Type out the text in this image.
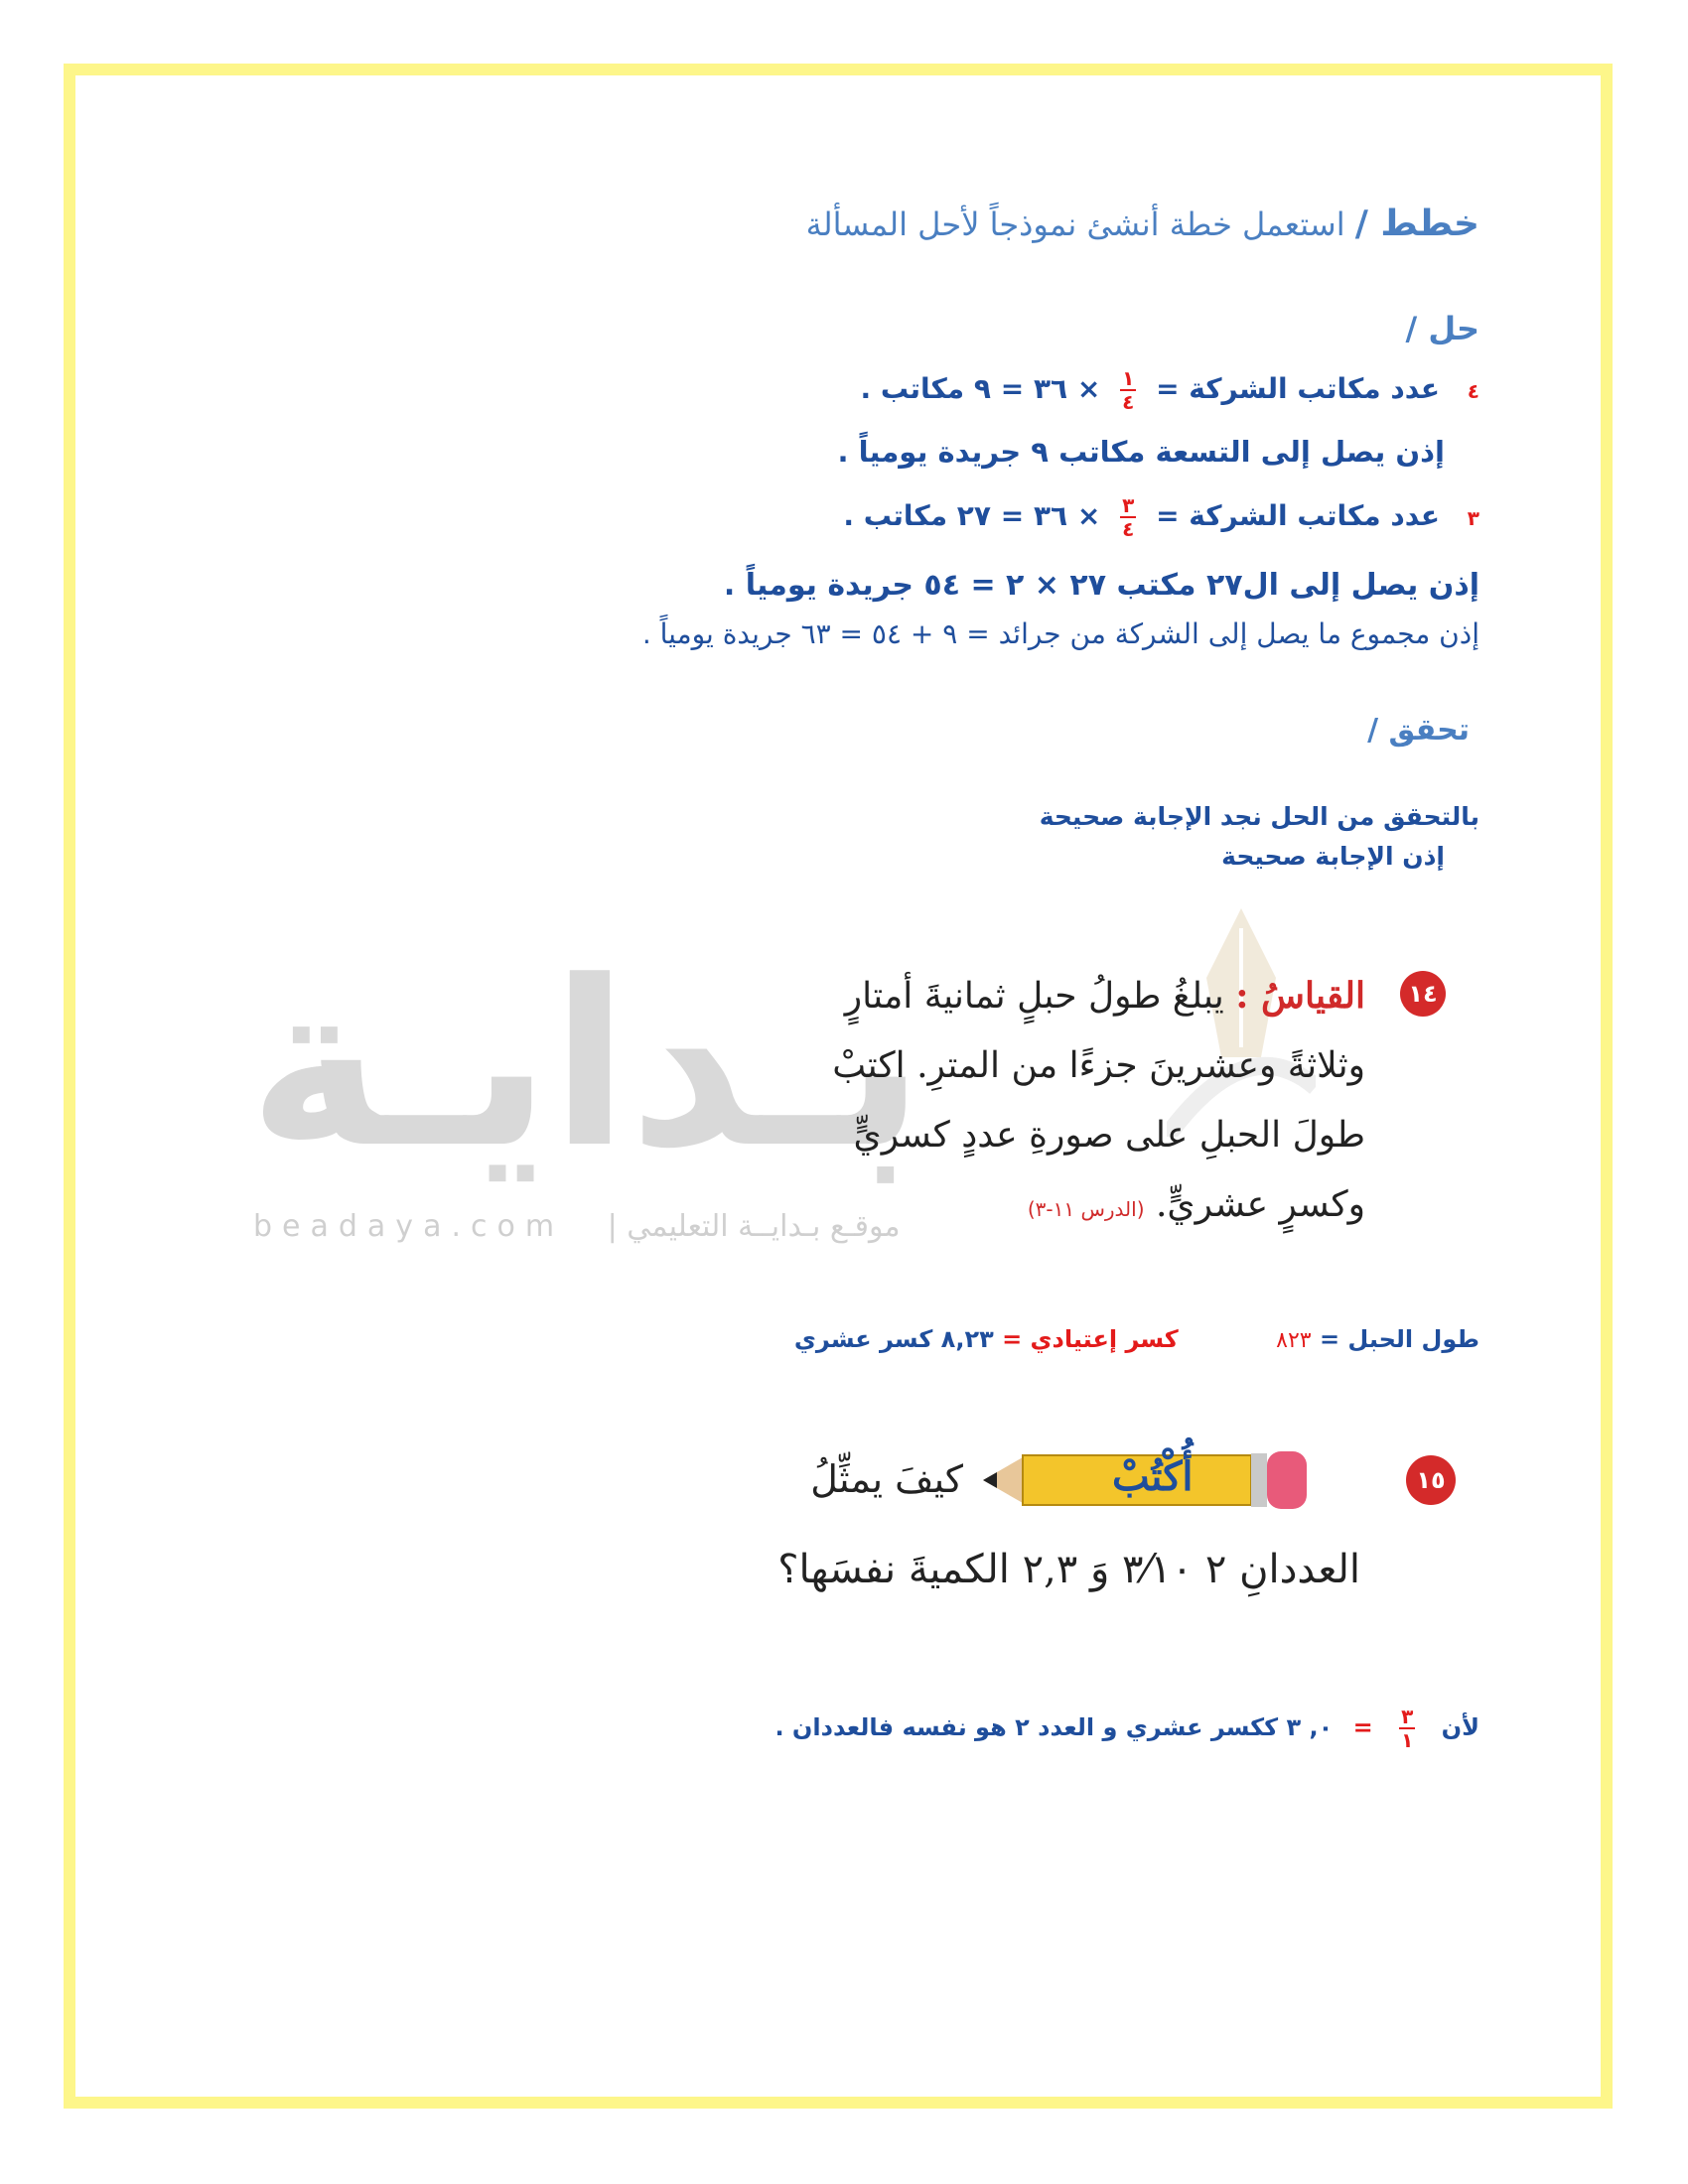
خطط / استعمل خطة أنشئ نموذجاً لأحل المسألة
حل /
٤ عدد مكاتب الشركة =
$\frac{١}{٤}$
× ٣٦ = ٩ مكاتب .
إذن يصل إلى التسعة مكاتب ٩ جريدة يومياً .
٣ عدد مكاتب الشركة =
$\frac{٣}{٤}$
× ٣٦ = ٢٧ مكاتب .
إذن يصل إلى ال٢٧ مكتب ٢٧ × ٢ = ٥٤ جريدة يومياً .
إذن مجموع ما يصل إلى الشركة من جرائد = ٩ + ٥٤ = ٦٣ جريدة يومياً .
تحقق /
بالتحقق من الحل نجد الإجابة صحيحة
إذن الإجابة صحيحة
بـدايـة
beadaya.com موقـع بـدايــة التعليمي |
١٤
القياسُ : يبلغُ طولُ حبلٍ ثمانيةَ أمتارٍ
وثلاثةً وعشرينَ جزءًا من المترِ. اكتبْ
طولَ الحبلِ على صورةِ عددٍ كسريٍّ
وكسرٍ عشريٍّ. (الدرس ١١-٣)
طول الحبل = ٨٢٣ كسر إعتيادي = ٨,٢٣ كسر عشري
١٥
أُكْتُبْ
كيفَ يمثِّلُ
العددانِ ٢ ٣⁄١٠ وَ ٢,٣ الكميةَ نفسَها؟
لأن
$\frac{٣}{١}$
= ٠, ٣ ككسر عشري و العدد ٢ هو نفسه فالعددان .
